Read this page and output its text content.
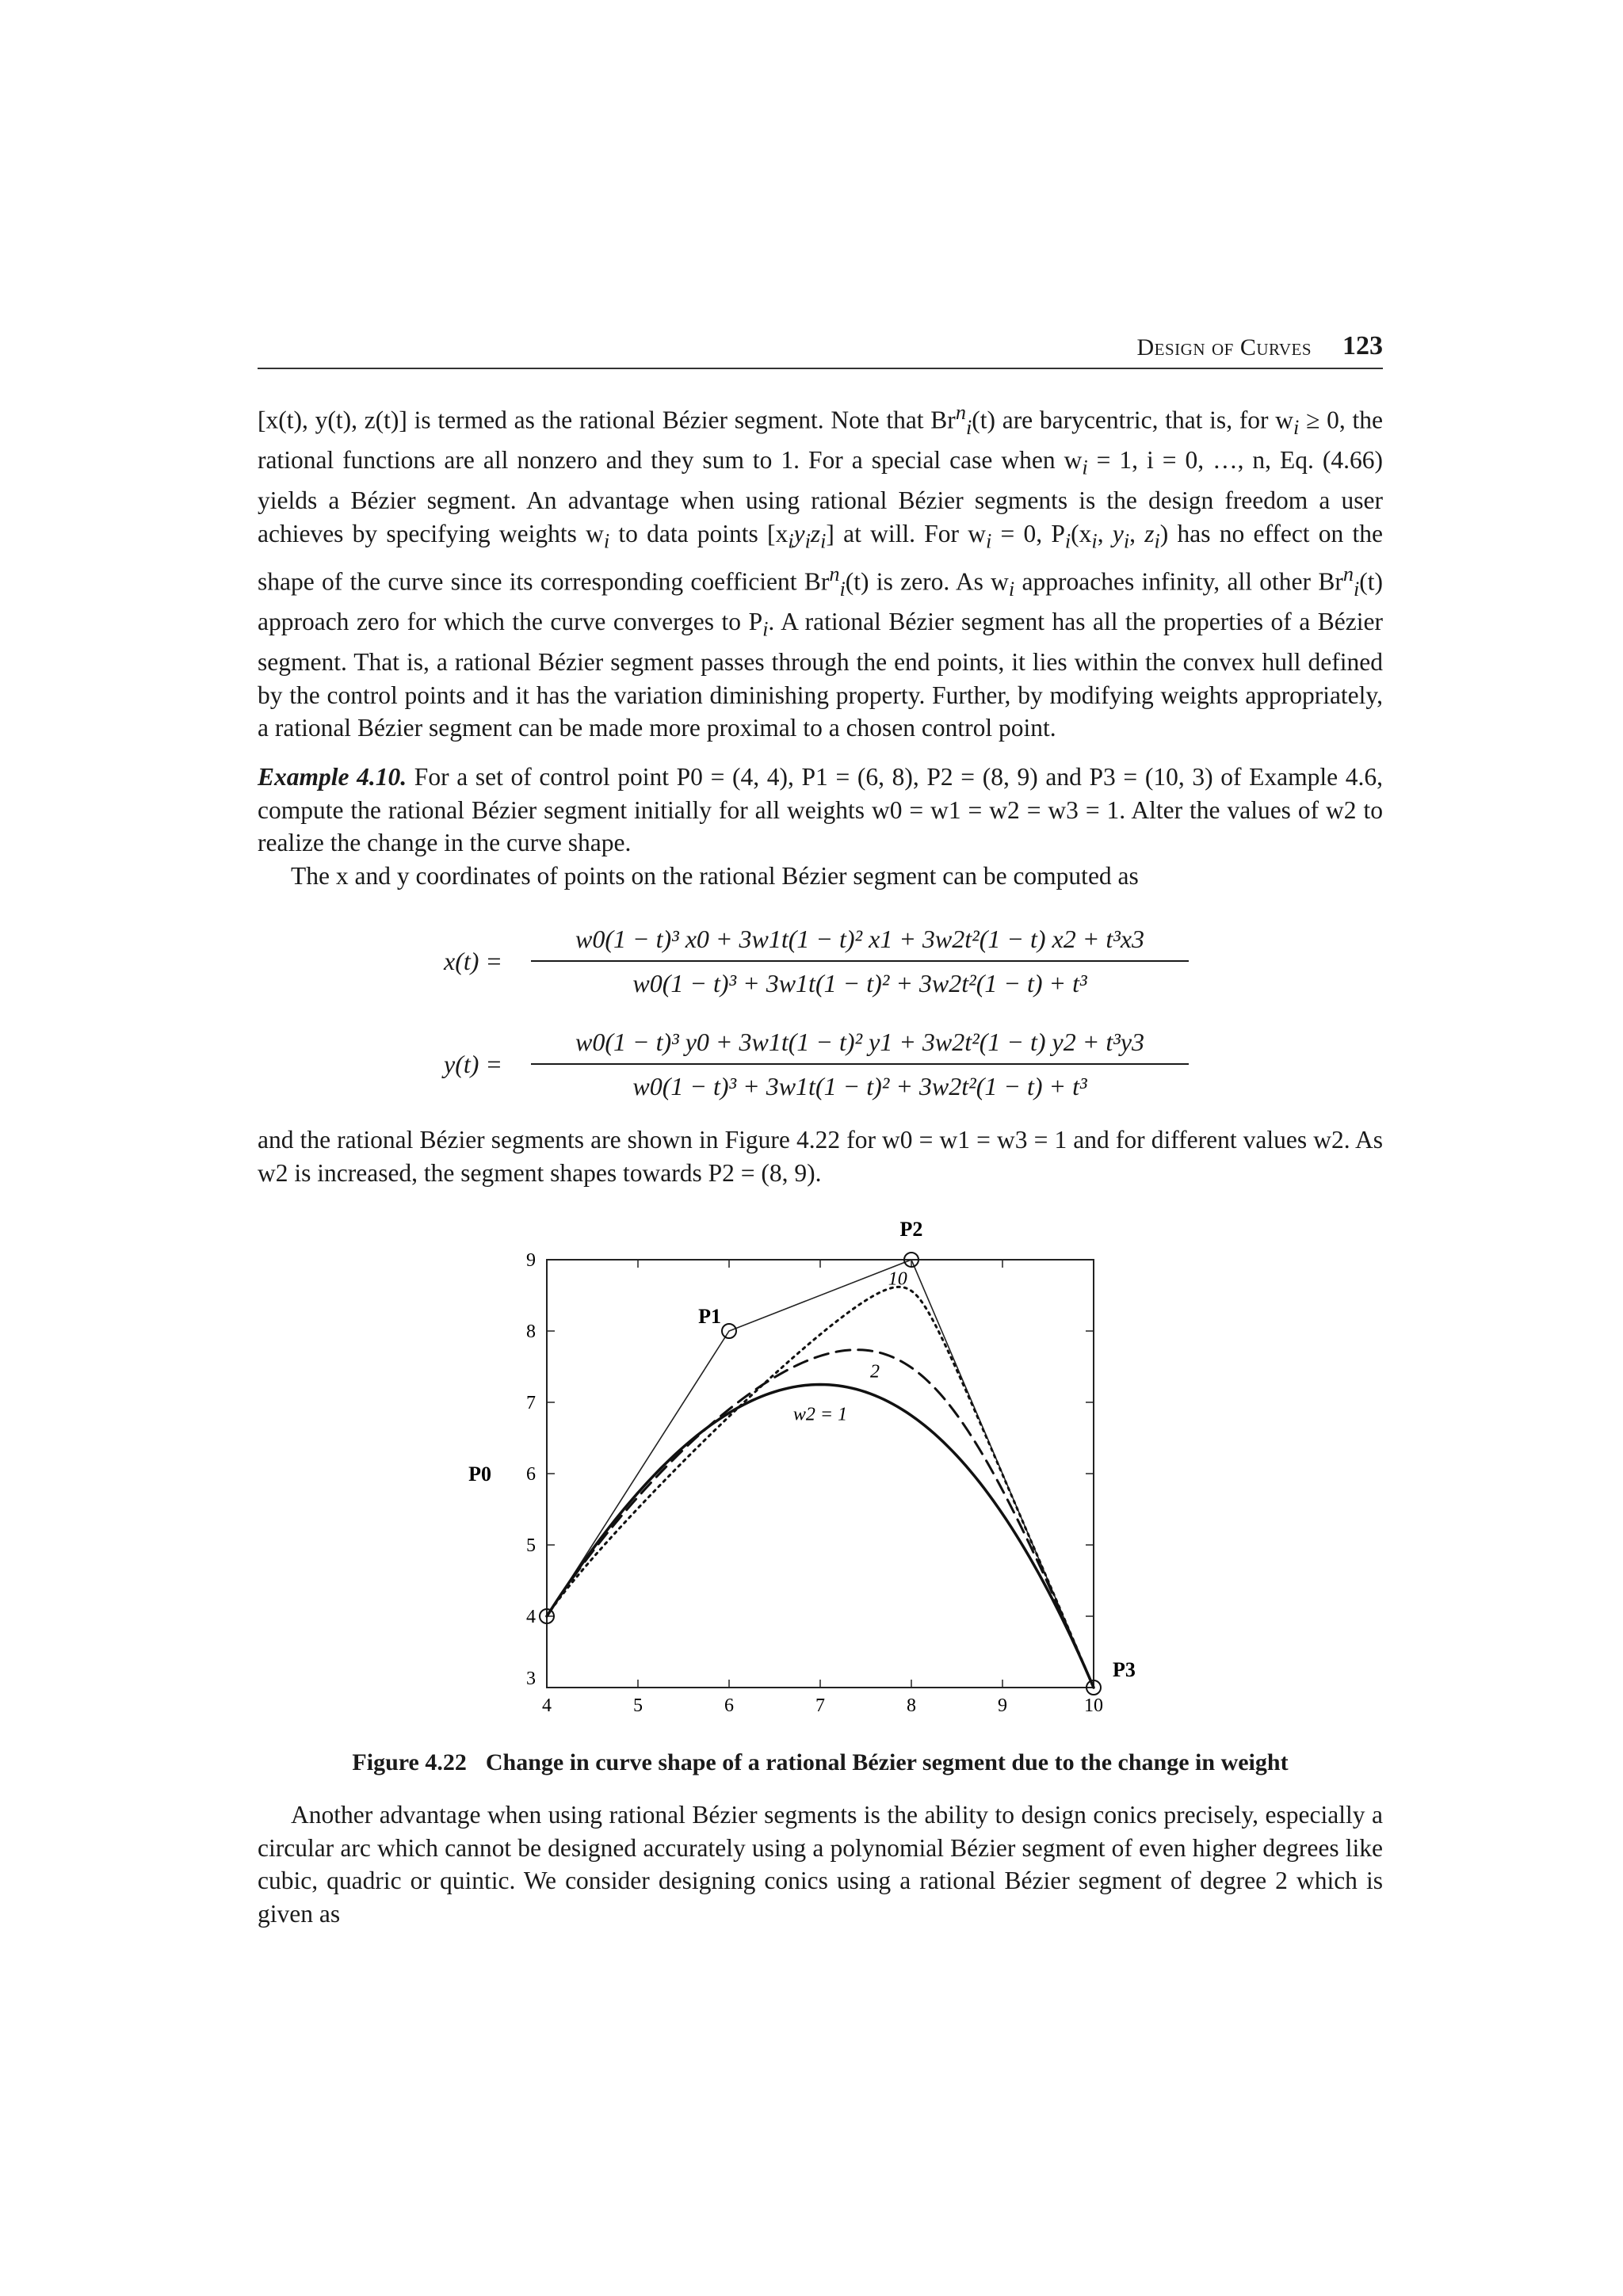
Design of Curves 123

[x(t), y(t), z(t)] is termed as the rational Bézier segment. Note that $Br^n_i(t)$ are barycentric, that is, for $w_i \ge 0$, the rational functions are all nonzero and they sum to 1. For a special case when $w_i = 1$, i = 0, …, n, Eq. (4.66) yields a Bézier segment. An advantage when using rational Bézier segments is the design freedom a user achieves by specifying weights $w_i$ to data points $[x_iy_iz_i]$ at will. For $w_i = 0$, $P_i(x_i$, $y_i$, $z_i$) has no effect on the shape of the curve since its corresponding coefficient $Br^n_i(t)$ is zero. As $w_i$ approaches infinity, all other $Br^n_i(t)$ approach zero for which the curve converges to $P_i$. A rational Bézier segment has all the properties of a Bézier segment. That is, a rational Bézier segment passes through the end points, it lies within the convex hull defined by the control points and it has the variation diminishing property. Further, by modifying weights appropriately, a rational Bézier segment can be made more proximal to a chosen control point.

Example 4.10. For a set of control point P0 = (4, 4), P1 = (6, 8), P2 = (8, 9) and P3 = (10, 3) of Example 4.6, compute the rational Bézier segment initially for all weights w0 = w1 = w2 = w3 = 1. Alter the values of w2 to realize the change in the curve shape.

The x and y coordinates of points on the rational Bézier segment can be computed as

x(t) =
w0(1 − t)³ x0 + 3w1t(1 − t)² x1 + 3w2t²(1 − t) x2 + t³x3
w0(1 − t)³ + 3w1t(1 − t)² + 3w2t²(1 − t) + t³
y(t) =
w0(1 − t)³ y0 + 3w1t(1 − t)² y1 + 3w2t²(1 − t) y2 + t³y3
w0(1 − t)³ + 3w1t(1 − t)² + 3w2t²(1 − t) + t³

and the rational Bézier segments are shown in Figure 4.22 for w0 = w1 = w3 = 1 and for different values w2. As w2 is increased, the segment shapes towards P2 = (8, 9).

4	5	6	7	8	9	10
3
4
5
6
7
8
9
w2 = 1
2
10
P0
P1
P2
P3
Figure 4.22 Change in curve shape of a rational Bézier segment due to the change in weight

Another advantage when using rational Bézier segments is the ability to design conics precisely, especially a circular arc which cannot be designed accurately using a polynomial Bézier segment of even higher degrees like cubic, quadric or quintic. We consider designing conics using a rational Bézier segment of degree 2 which is given as
